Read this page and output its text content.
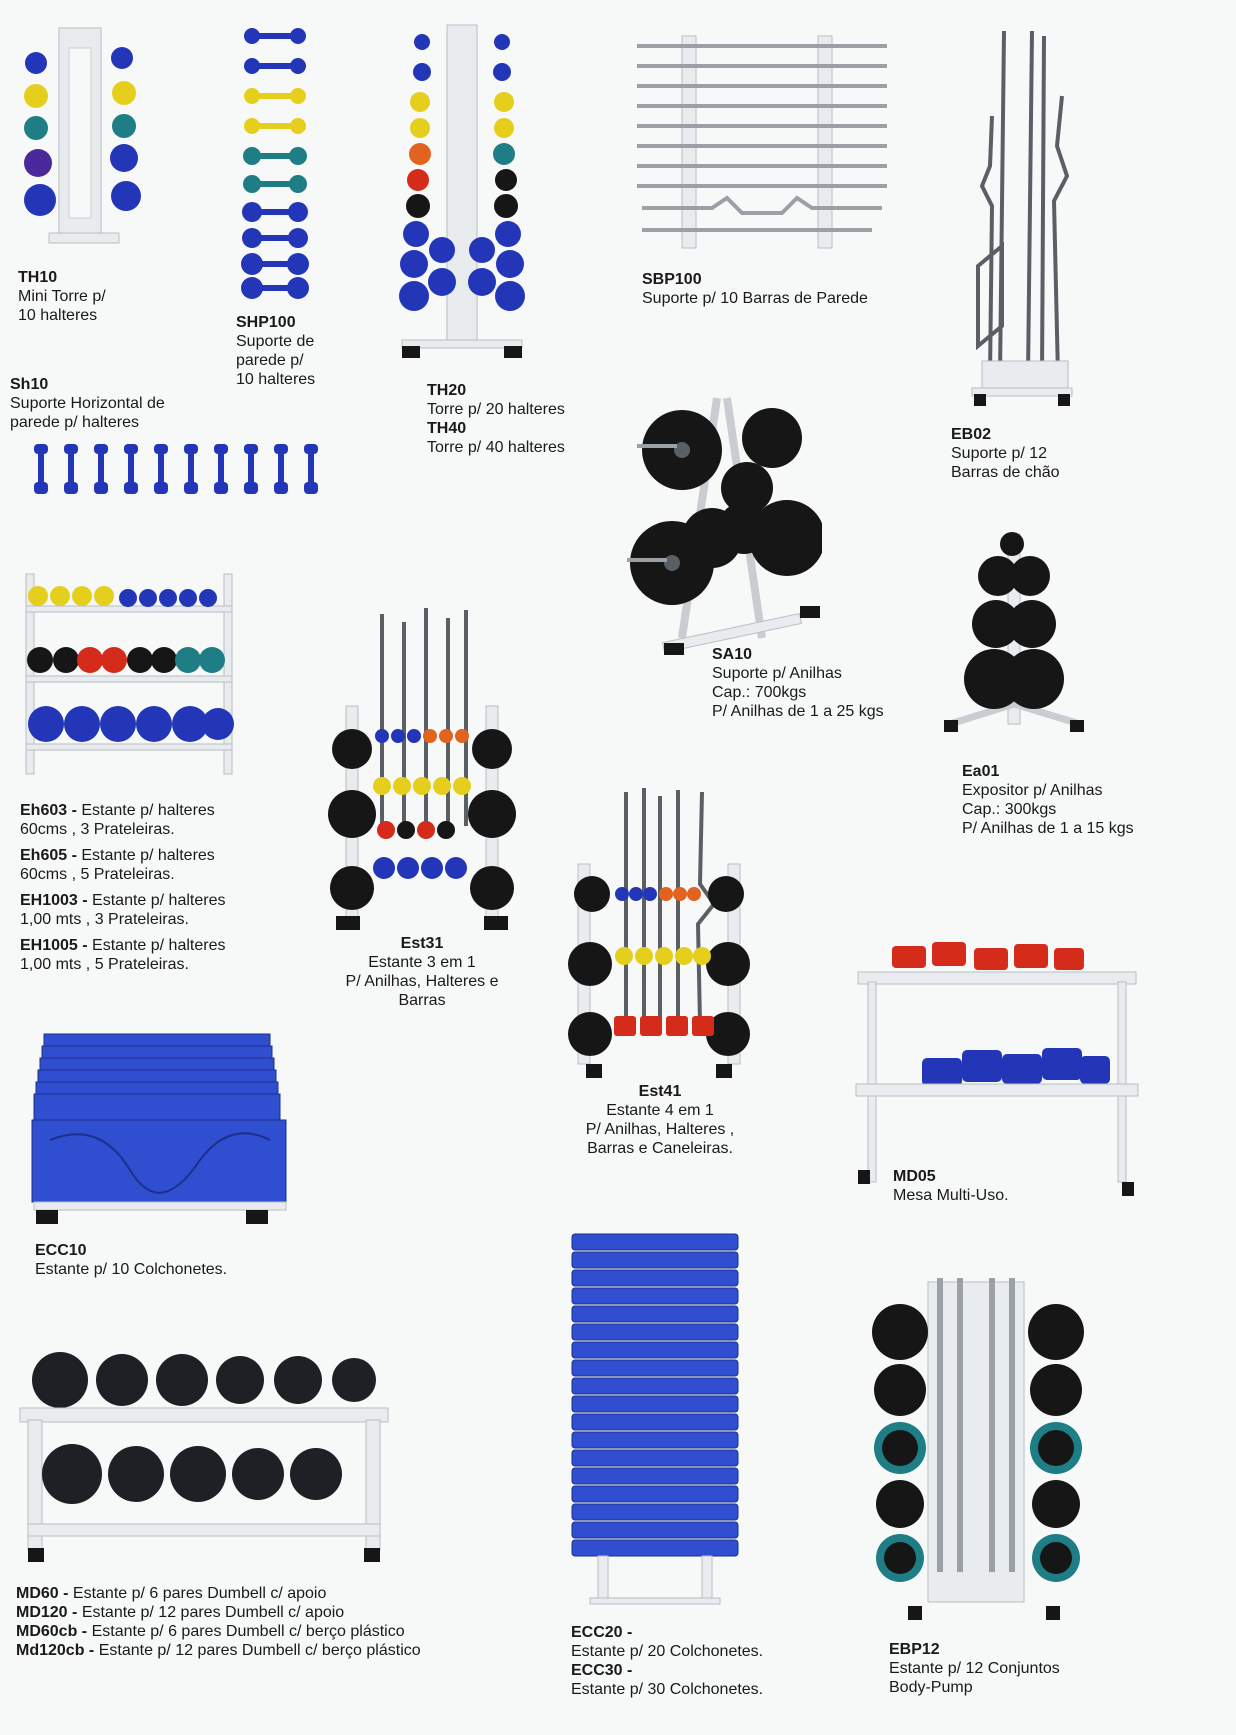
TH10
Mini Torre p/
10 halteres	SHP100
Suporte de
parede p/
10 halteres
TH20
Torre p/ 20 halteres
TH40
Torre p/ 40 halteres
SBP100
Suporte p/ 10 Barras de Parede
EB02
Suporte p/ 12
Barras de chão
Sh10
Suporte Horizontal de
parede p/ halteres
SA10
Suporte p/ Anilhas
Cap.: 700kgs
P/ Anilhas de 1 a 25 kgs
Ea01
Expositor p/ Anilhas
Cap.: 300kgs
P/ Anilhas de 1 a 15 kgs
Eh603 - Estante p/ halteres
60cms , 3 Prateleiras.
Eh605 - Estante p/ halteres
60cms , 5 Prateleiras.
EH1003 - Estante p/ halteres
1,00 mts , 3 Prateleiras.
EH1005 - Estante p/ halteres
1,00 mts , 5 Prateleiras.
Est31
Estante 3 em 1
P/ Anilhas, Halteres e
Barras
Est41
Estante 4 em 1
P/ Anilhas, Halteres ,
Barras e Caneleiras.
MD05
Mesa Multi-Uso.
ECC10
Estante p/ 10 Colchonetes.
MD60 - Estante p/ 6 pares Dumbell c/ apoio
MD120 - Estante p/ 12 pares Dumbell c/ apoio
MD60cb - Estante p/ 6 pares Dumbell c/ berço plástico
Md120cb - Estante p/ 12 pares Dumbell c/ berço plástico
ECC20 -
Estante p/ 20 Colchonetes.
ECC30 -
Estante p/ 30 Colchonetes.
EBP12
Estante p/ 12 Conjuntos
Body-Pump
